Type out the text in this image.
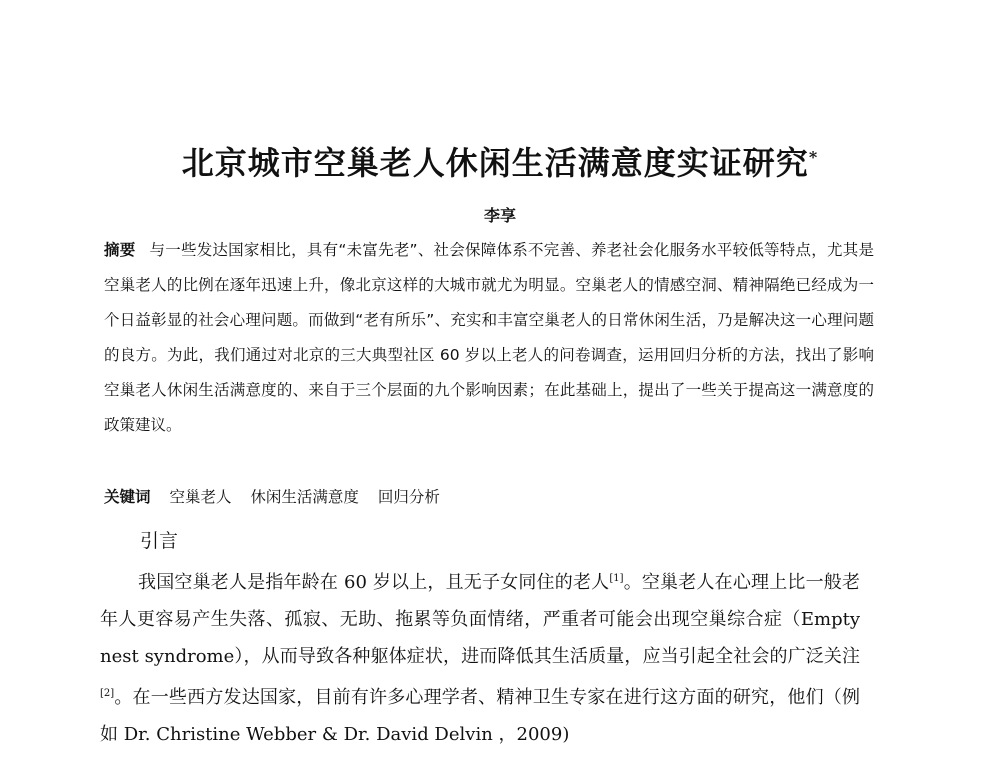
北京城市空巢老人休闲生活满意度实证研究*
李享
摘要 与一些发达国家相比，具有“未富先老”、社会保障体系不完善、养老社会化服务水平较低等特点，尤其是空巢老人的比例在逐年迅速上升，像北京这样的大城市就尤为明显。空巢老人的情感空洞、精神隔绝已经成为一个日益彰显的社会心理问题。而做到“老有所乐”、充实和丰富空巢老人的日常休闲生活，乃是解决这一心理问题的良方。为此，我们通过对北京的三大典型社区 60 岁以上老人的问卷调查，运用回归分析的方法，找出了影响空巢老人休闲生活满意度的、来自于三个层面的九个影响因素；在此基础上，提出了一些关于提高这一满意度的政策建议。
关键词 空巢老人 休闲生活满意度 回归分析
引言
我国空巢老人是指年龄在 60 岁以上，且无子女同住的老人[1]。空巢老人在心理上比一般老年人更容易产生失落、孤寂、无助、拖累等负面情绪，严重者可能会出现空巢综合症（Empty nest syndrome），从而导致各种躯体症状，进而降低其生活质量，应当引起全社会的广泛关注[2]。在一些西方发达国家，目前有许多心理学者、精神卫生专家在进行这方面的研究，他们（例如 Dr. Christine Webber & Dr. David Delvin ，2009)
